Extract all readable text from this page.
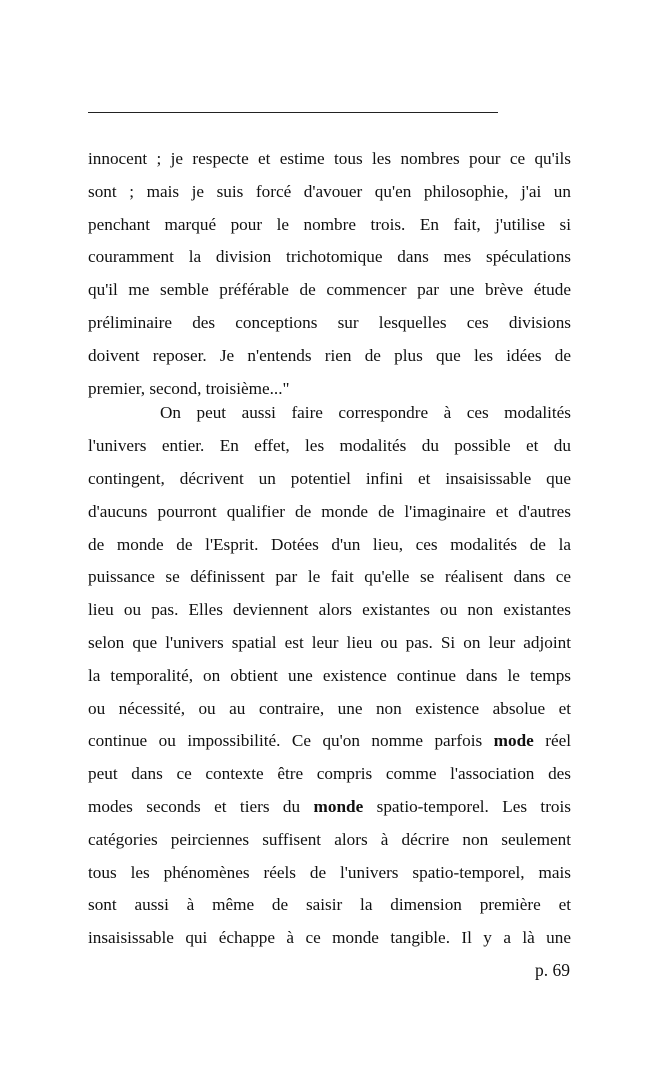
innocent ; je respecte et estime tous les nombres pour ce qu'ils
sont ; mais je suis forcé d'avouer qu'en philosophie, j'ai un
penchant marqué pour le nombre trois. En fait, j'utilise si
couramment la division trichotomique dans mes spéculations
qu'il me semble préférable de commencer par une brève étude
préliminaire des conceptions sur lesquelles ces divisions
doivent reposer. Je n'entends rien de plus que les idées de
premier, second, troisième..."
On peut aussi faire correspondre à ces modalités
l'univers entier. En effet, les modalités du possible et du
contingent, décrivent un potentiel infini et insaisissable que
d'aucuns pourront qualifier de monde de l'imaginaire et d'autres
de monde de l'Esprit. Dotées d'un lieu, ces modalités de la
puissance se définissent par le fait qu'elle se réalisent dans ce
lieu ou pas. Elles deviennent alors existantes ou non existantes
selon que l'univers spatial est leur lieu ou pas. Si on leur adjoint
la temporalité, on obtient une existence continue dans le temps
ou nécessité, ou au contraire, une non existence absolue et
continue ou impossibilité. Ce qu'on nomme parfois mode réel
peut dans ce contexte être compris comme l'association des
modes seconds et tiers du monde spatio-temporel. Les trois
catégories peirciennes suffisent alors à décrire non seulement
tous les phénomènes réels de l'univers spatio-temporel, mais
sont aussi à même de saisir la dimension première et
insaisissable qui échappe à ce monde tangible. Il y a là une
p. 69
